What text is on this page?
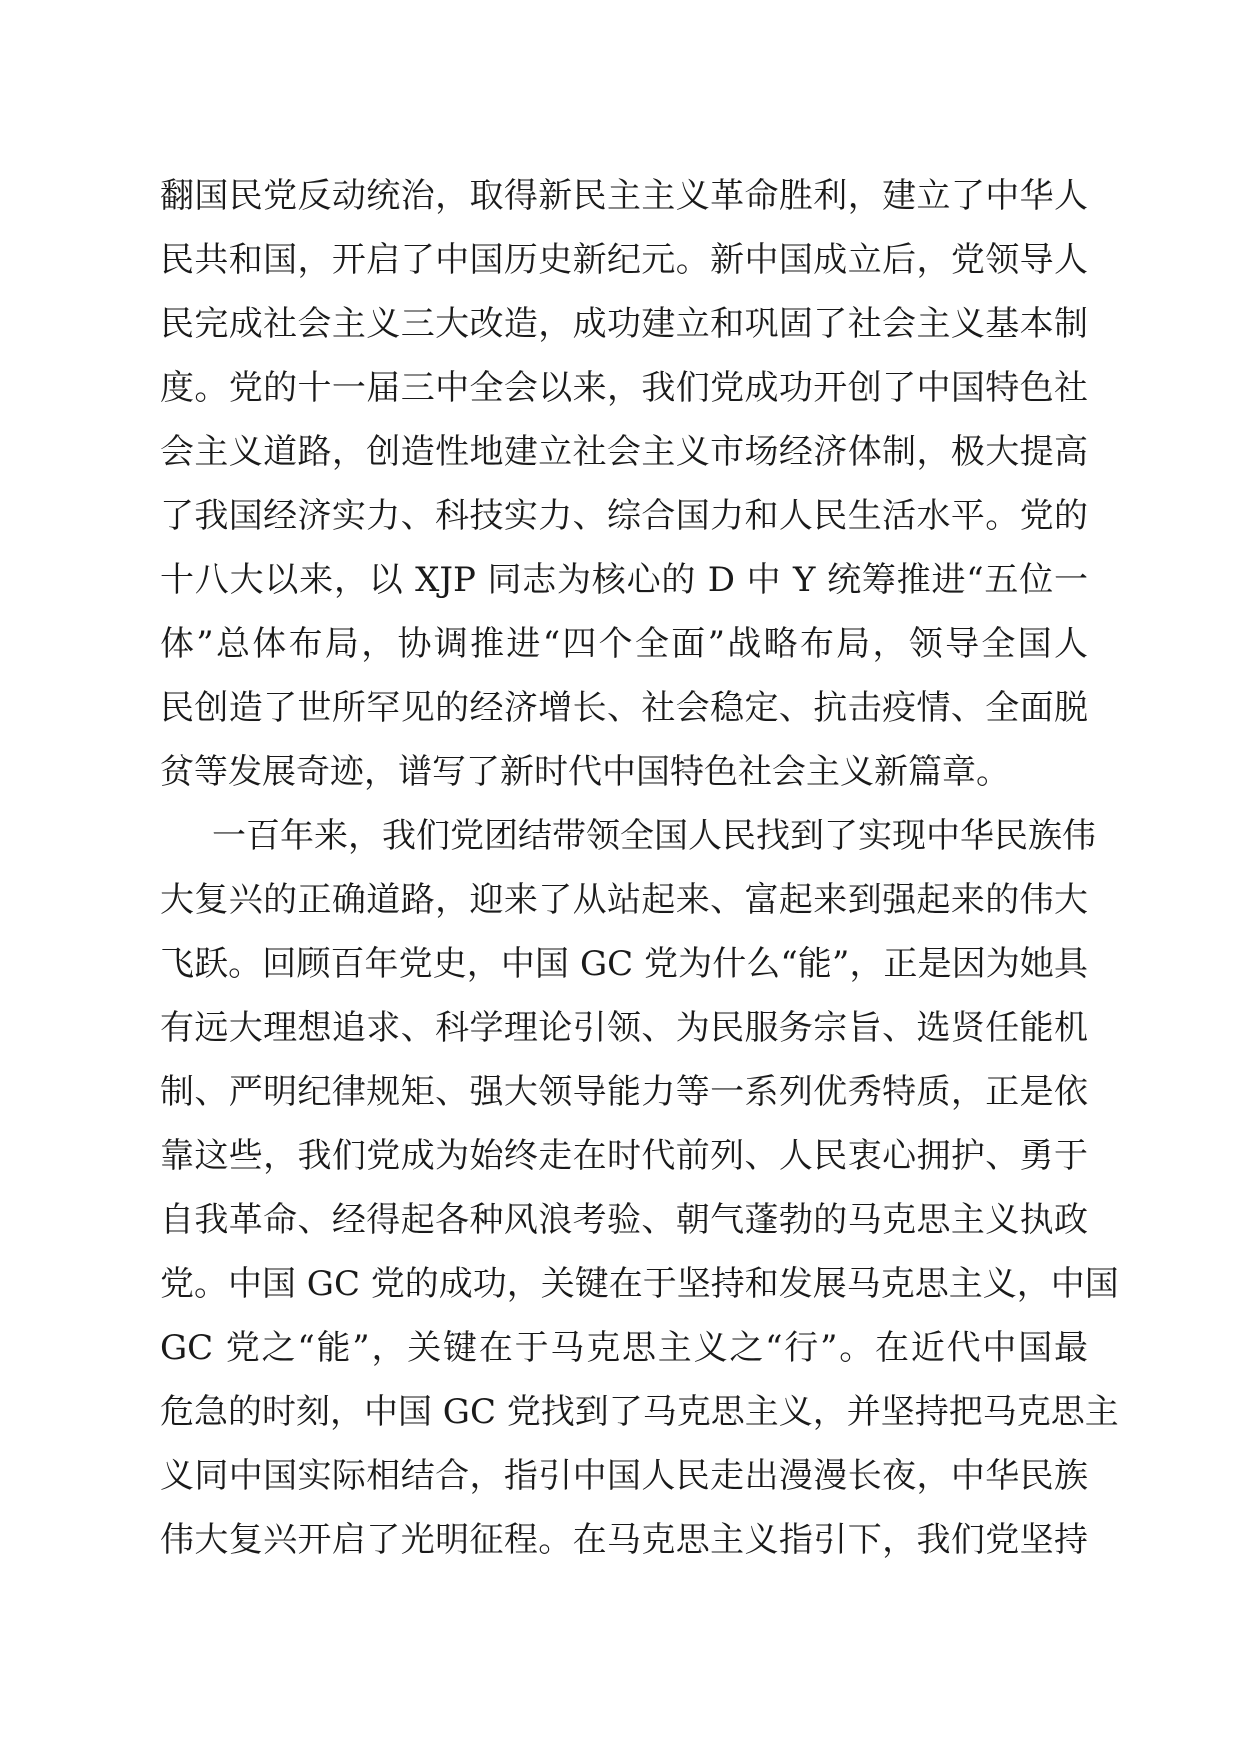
翻国民党反动统治，取得新民主主义革命胜利，建立了中华人
民共和国，开启了中国历史新纪元。新中国成立后，党领导人
民完成社会主义三大改造，成功建立和巩固了社会主义基本制
度。党的十一届三中全会以来，我们党成功开创了中国特色社
会主义道路，创造性地建立社会主义市场经济体制，极大提高
了我国经济实力、科技实力、综合国力和人民生活水平。党的
十八大以来，以 XJP 同志为核心的 D 中 Y 统筹推进“五位一
体”总体布局，协调推进“四个全面”战略布局，领导全国人
民创造了世所罕见的经济增长、社会稳定、抗击疫情、全面脱
贫等发展奇迹，谱写了新时代中国特色社会主义新篇章。
一百年来，我们党团结带领全国人民找到了实现中华民族伟
大复兴的正确道路，迎来了从站起来、富起来到强起来的伟大
飞跃。回顾百年党史，中国 GC 党为什么“能”，正是因为她具
有远大理想追求、科学理论引领、为民服务宗旨、选贤任能机
制、严明纪律规矩、强大领导能力等一系列优秀特质，正是依
靠这些，我们党成为始终走在时代前列、人民衷心拥护、勇于
自我革命、经得起各种风浪考验、朝气蓬勃的马克思主义执政
党。中国 GC 党的成功，关键在于坚持和发展马克思主义，中国
GC 党之“能”，关键在于马克思主义之“行”。在近代中国最
危急的时刻，中国 GC 党找到了马克思主义，并坚持把马克思主
义同中国实际相结合，指引中国人民走出漫漫长夜，中华民族
伟大复兴开启了光明征程。在马克思主义指引下，我们党坚持
